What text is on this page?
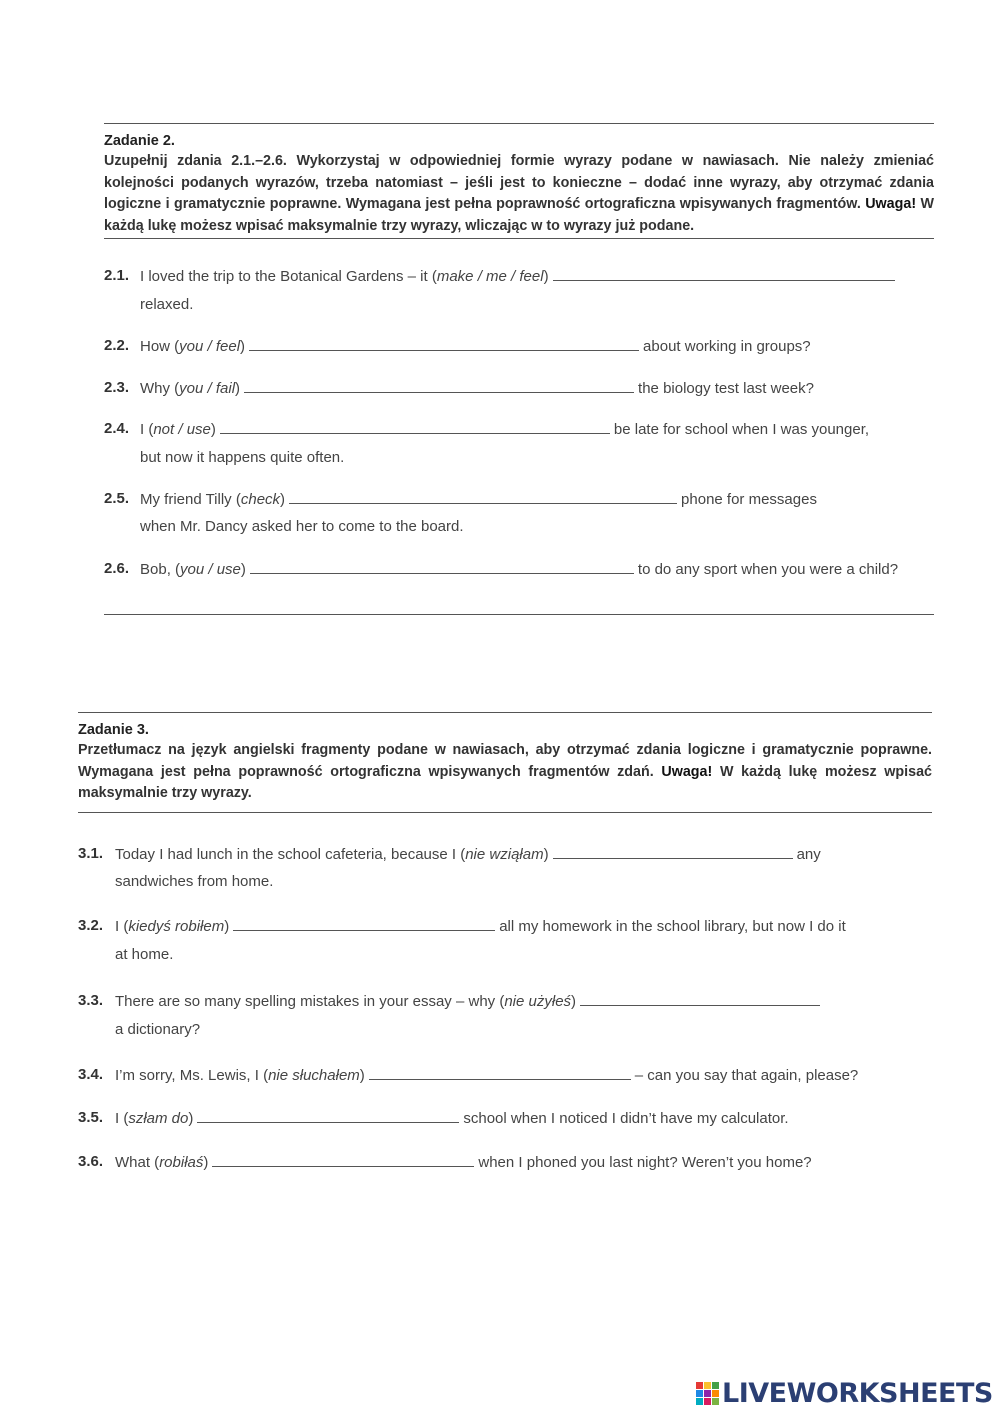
Zadanie 2.
Uzupełnij zdania 2.1.–2.6. Wykorzystaj w odpowiedniej formie wyrazy podane w nawiasach. Nie należy zmieniać kolejności podanych wyrazów, trzeba natomiast – jeśli jest to konieczne – dodać inne wyrazy, aby otrzymać zdania logiczne i gramatycznie poprawne. Wymagana jest pełna poprawność ortograficzna wpisywanych fragmentów. Uwaga! W każdą lukę możesz wpisać maksymalnie trzy wyrazy, wliczając w to wyrazy już podane.
2.1. I loved the trip to the Botanical Gardens – it (make / me / feel)
relaxed.
2.2. How (you / feel)	about working in groups?
2.3. Why (you / fail)	the biology test last week?
2.4. I (not / use)	be late for school when I was younger,
but now it happens quite often.
2.5. My friend Tilly (check)	phone for messages
when Mr. Dancy asked her to come to the board.
2.6. Bob, (you / use)	to do any sport when you were a child?
Zadanie 3.
Przetłumacz na język angielski fragmenty podane w nawiasach, aby otrzymać zdania logiczne i gramatycznie poprawne. Wymagana jest pełna poprawność ortograficzna wpisywanych fragmentów zdań. Uwaga! W każdą lukę możesz wpisać maksymalnie trzy wyrazy.
3.1. Today I had lunch in the school cafeteria, because I (nie wziąłam)	any
sandwiches from home.
3.2. I (kiedyś robiłem)	all my homework in the school library, but now I do it
at home.
3.3. There are so many spelling mistakes in your essay – why (nie użyłeś)
a dictionary?
3.4. I’m sorry, Ms. Lewis, I (nie słuchałem)	– can you say that again, please?
3.5. I (szłam do)	school when I noticed I didn’t have my calculator.
3.6. What (robiłaś)	when I phoned you last night? Weren’t you home?
LIVEWORKSHEETS
